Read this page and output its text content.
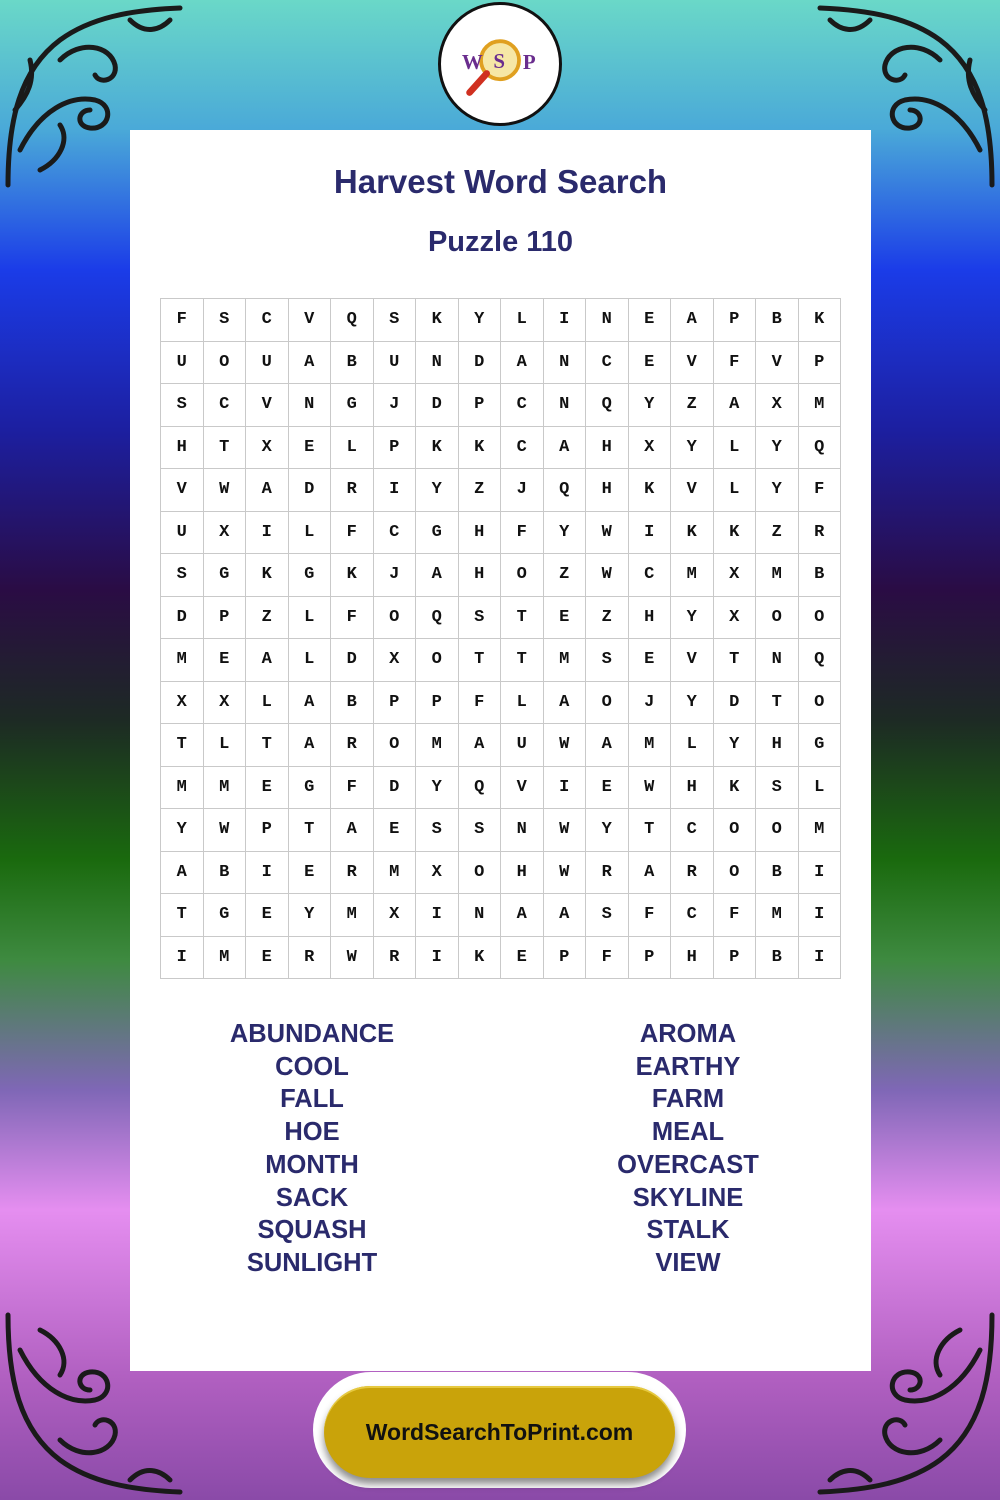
W S P
Harvest Word Search
Puzzle 110
F	S	C	V	Q	S	K	Y	L	I	N	E	A	P	B	K
U	O	U	A	B	U	N	D	A	N	C	E	V	F	V	P
S	C	V	N	G	J	D	P	C	N	Q	Y	Z	A	X	M
H	T	X	E	L	P	K	K	C	A	H	X	Y	L	Y	Q
V	W	A	D	R	I	Y	Z	J	Q	H	K	V	L	Y	F
U	X	I	L	F	C	G	H	F	Y	W	I	K	K	Z	R
S	G	K	G	K	J	A	H	O	Z	W	C	M	X	M	B
D	P	Z	L	F	O	Q	S	T	E	Z	H	Y	X	O	O
M	E	A	L	D	X	O	T	T	M	S	E	V	T	N	Q
X	X	L	A	B	P	P	F	L	A	O	J	Y	D	T	O
T	L	T	A	R	O	M	A	U	W	A	M	L	Y	H	G
M	M	E	G	F	D	Y	Q	V	I	E	W	H	K	S	L
Y	W	P	T	A	E	S	S	N	W	Y	T	C	O	O	M
A	B	I	E	R	M	X	O	H	W	R	A	R	O	B	I
T	G	E	Y	M	X	I	N	A	A	S	F	C	F	M	I
I	M	E	R	W	R	I	K	E	P	F	P	H	P	B	I
ABUNDANCE
COOL
FALL
HOE
MONTH
SACK
SQUASH
SUNLIGHT
AROMA
EARTHY
FARM
MEAL
OVERCAST
SKYLINE
STALK
VIEW
WordSearchToPrint.com
